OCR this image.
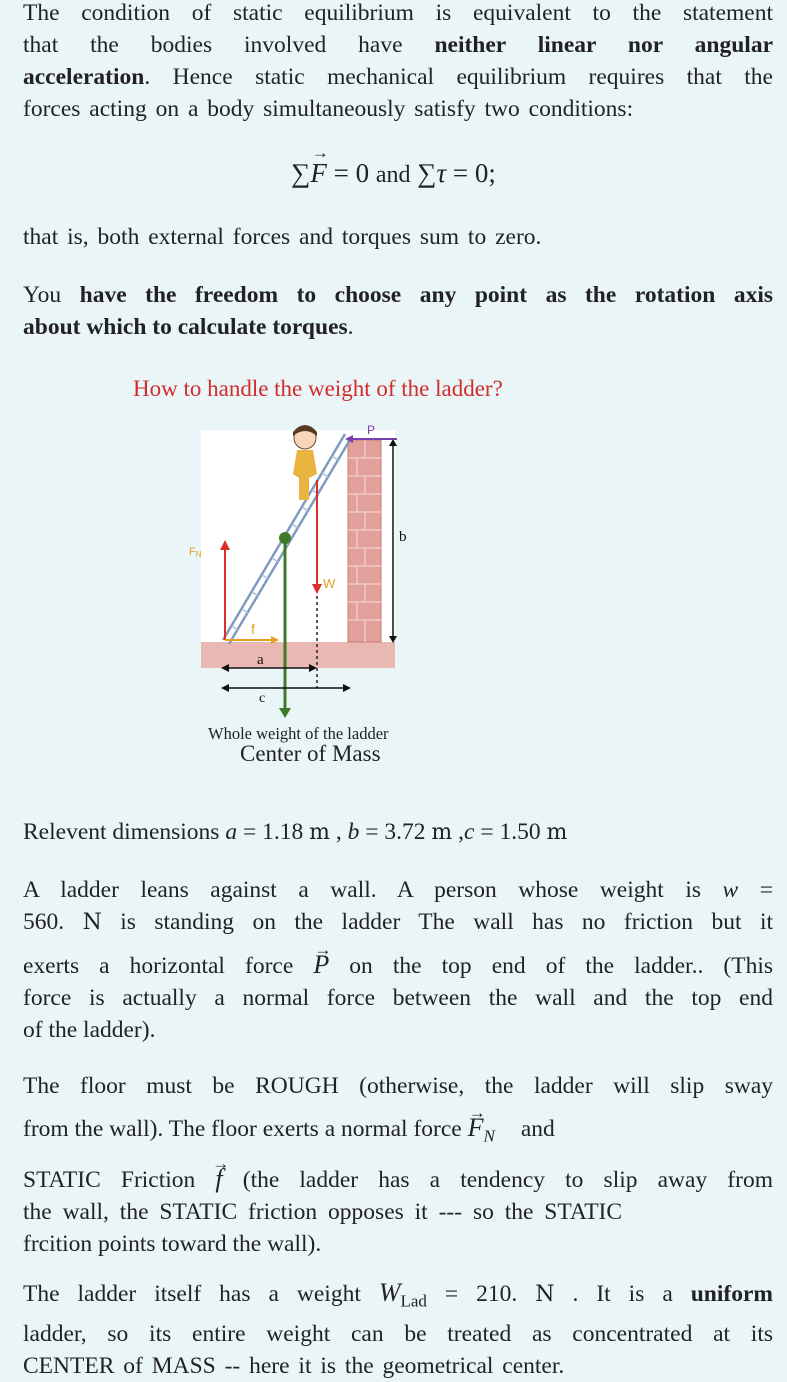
The condition of static equilibrium is equivalent to the statement
that the bodies involved have neither linear nor angular
acceleration. Hence static mechanical equilibrium requires that the
forces acting on a body simultaneously satisfy two conditions:
∑→ F = 0 and ∑τ = 0;
that is, both external forces and torques sum to zero.
You have the freedom to choose any point as the rotation axis
about which to calculate torques.
How to handle the weight of the ladder?
W
P
b
FN
f
a
c
Whole weight of the ladder
Center of Mass
Relevent dimensions a = 1.18 m , b = 3.72 m ,c = 1.50 m
A ladder leans against a wall. A person whose weight is w =
560. N is standing on the ladder The wall has no friction but it
exerts a horizontal force → P on the top end of the ladder.. (This
force is actually a normal force between the wall and the top end
of the ladder).
The floor must be ROUGH (otherwise, the ladder will slip sway
from the wall). The floor exerts a normal force → $F_N$ and
STATIC Friction → f (the ladder has a tendency to slip away from
the wall, the STATIC friction opposes it --- so the STATIC
frcition points toward the wall).
The ladder itself has a weight $W_{Lad} = 210$. N . It is a uniform
ladder, so its entire weight can be treated as concentrated at its
CENTER of MASS -- here it is the geometrical center.
